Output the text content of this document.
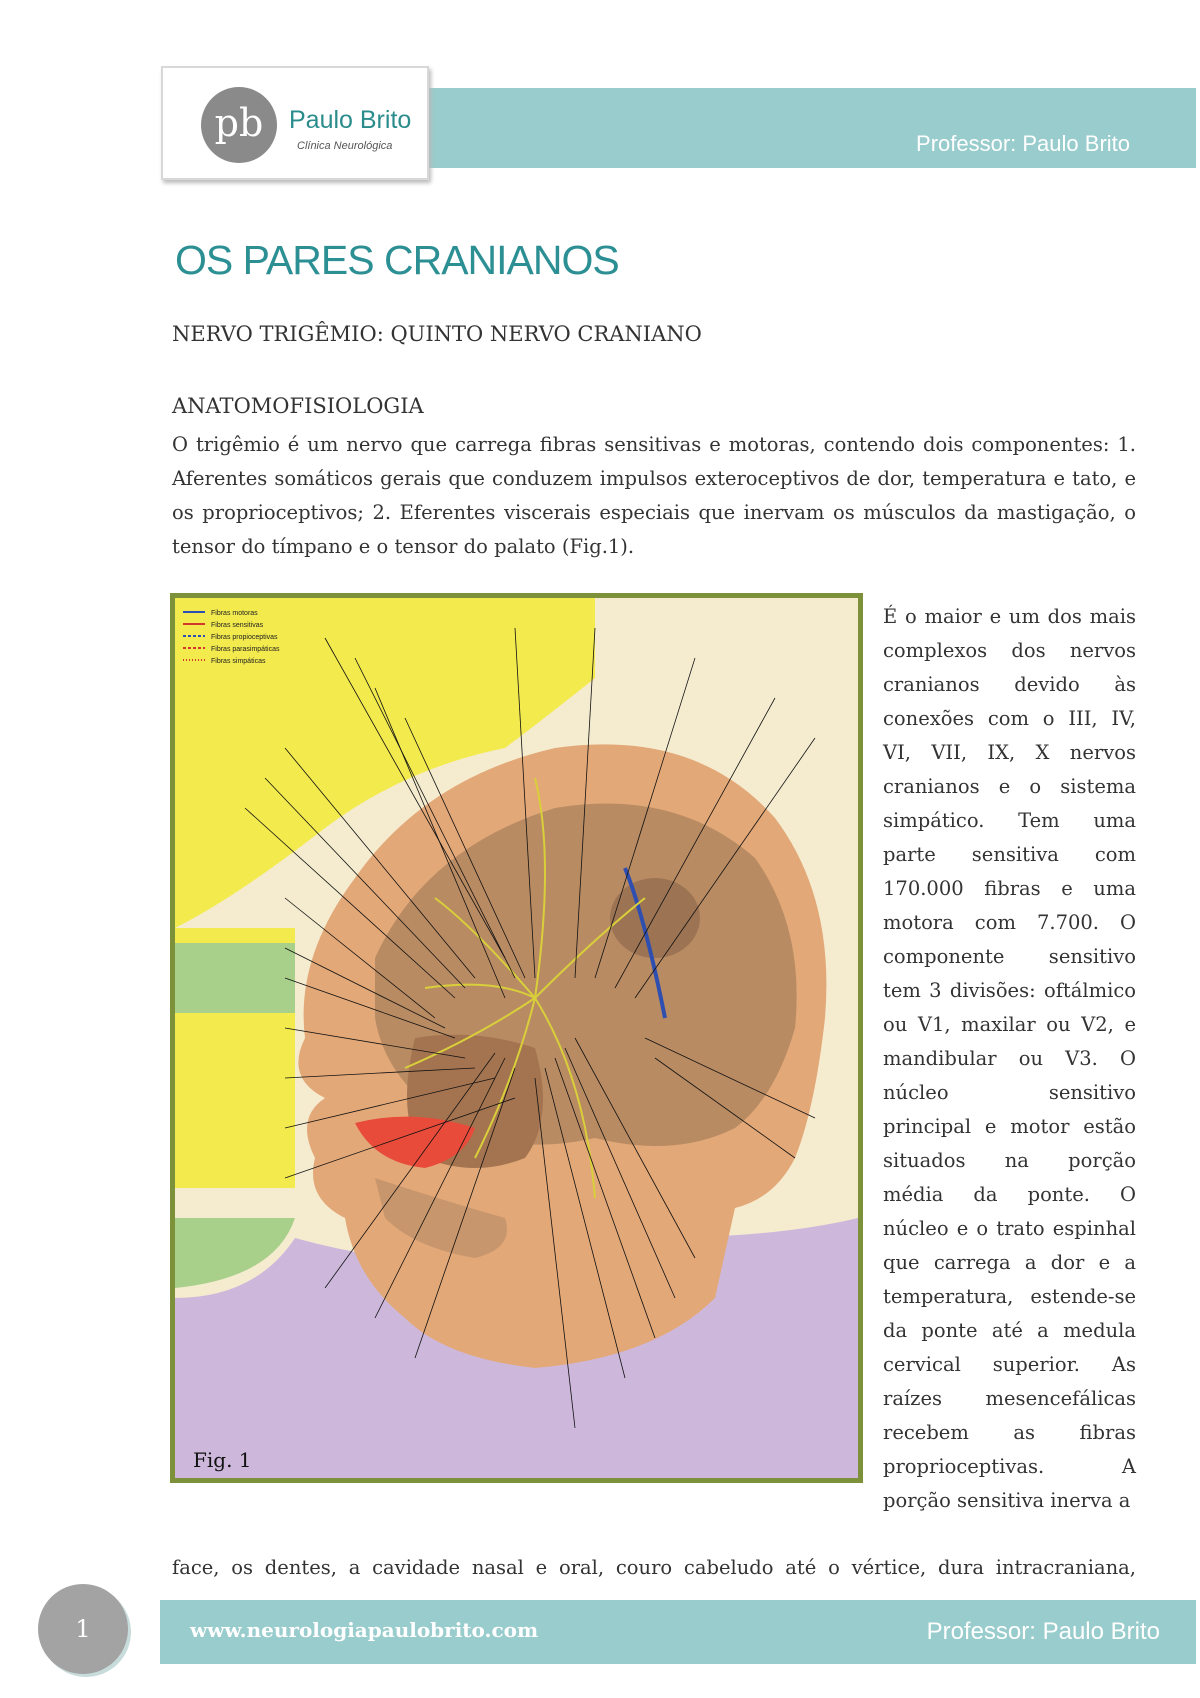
Professor: Paulo Brito
pb	Paulo Brito
Clínica Neurológica
OS PARES CRANIANOS
NERVO TRIGÊMIO: QUINTO NERVO CRANIANO
ANATOMOFISIOLOGIA

O trigêmio é um nervo que carrega fibras sensitivas e motoras, contendo dois componentes: 1. Aferentes somáticos gerais que conduzem impulsos exteroceptivos de dor, temperatura e tato, e os proprioceptivos; 2. Eferentes viscerais especiais que inervam os músculos da mastigação, o tensor do tímpano e o tensor do palato (Fig.1).

Fibras motoras
Fibras sensitivas
Fibras propioceptivas
Fibras parasimpáticas
Fibras simpáticas
Fig. 1

É o maior e um dos mais complexos dos nervos cranianos devido às conexões com o III, IV, VI, VII, IX, X nervos cranianos e o sistema simpático. Tem uma parte sensitiva com 170.000 fibras e uma motora com 7.700. O componente sensitivo tem 3 divisões: oftálmico ou V1, maxilar ou V2, e mandibular ou V3. O núcleo sensitivo principal e motor estão situados na porção média da ponte. O núcleo e o trato espinhal que carrega a dor e a temperatura, estende-se da ponte até a medula cervical superior. As raízes mesencefálicas recebem as fibras proprioceptivas. A porção sensitiva inerva a

face, os dentes, a cavidade nasal e oral, couro cabeludo até o vértice, dura intracraniana,

www.neurologiapaulobrito.com	Professor: Paulo Brito
1
